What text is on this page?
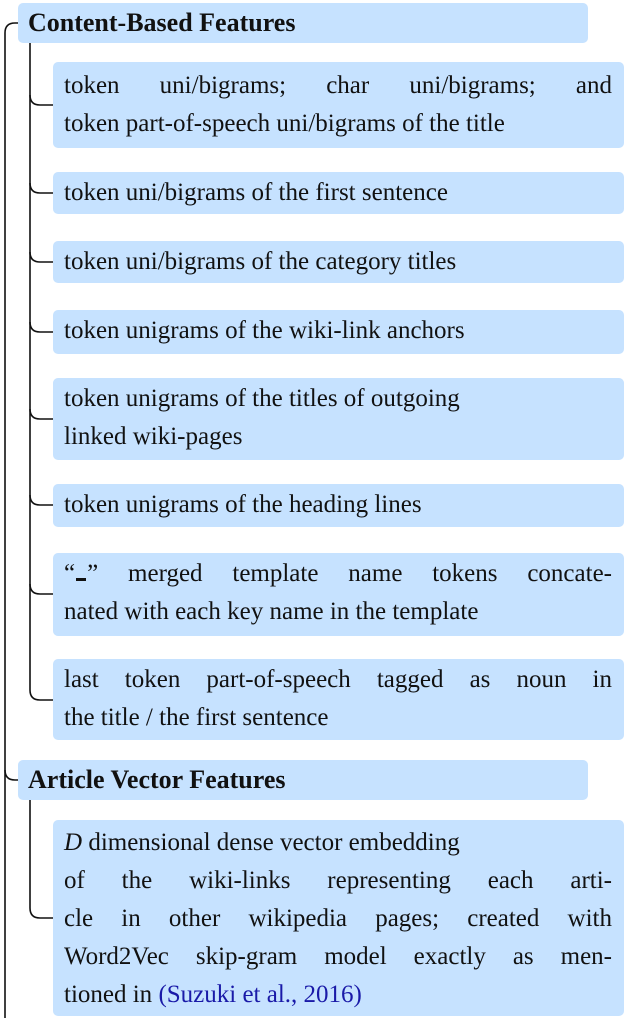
Content-Based Features
token uni/bigrams; char uni/bigrams; and
token part-of-speech uni/bigrams of the title
token uni/bigrams of the first sentence
token uni/bigrams of the category titles
token unigrams of the wiki-link anchors
token unigrams of the titles of outgoing
linked wiki-pages
token unigrams of the heading lines
“ ” merged template name tokens concate-
nated with each key name in the template
last token part-of-speech tagged as noun in
the title / the first sentence
Article Vector Features
D dimensional dense vector embedding
of the wiki-links representing each arti-
cle in other wikipedia pages; created with
Word2Vec skip-gram model exactly as men-
tioned in (Suzuki et al., 2016)
